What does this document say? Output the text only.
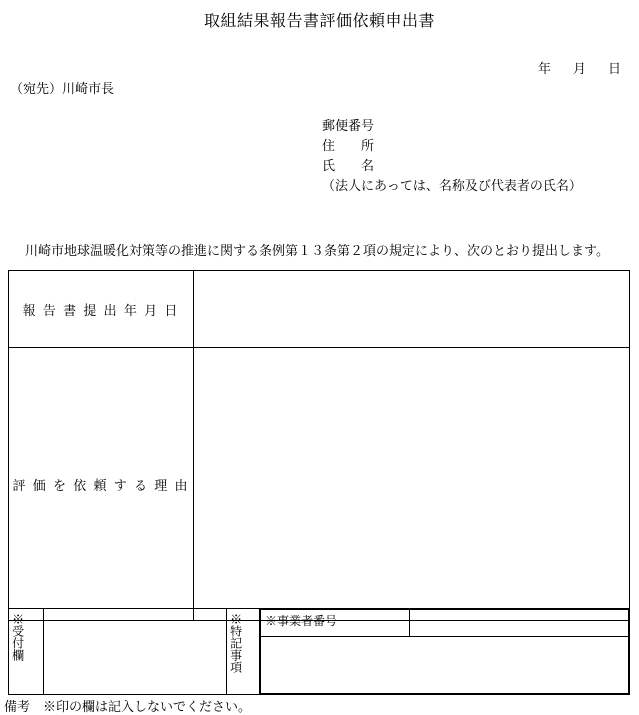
取組結果報告書評価依頼申出書
年 月 日
（宛先）川崎市長
郵便番号
住　　所
氏　　名
（法人にあっては、名称及び代表者の氏名）
　川崎市地球温暖化対策等の推進に関する条例第１３条第２項の規定により、次のとおり提出します。
報 告 書 提 出 年 月 日	
評 価 を 依 頼 す る 理 由	
※受付欄		※特記事項	※事業者番号	

備考　※印の欄は記入しないでください。
